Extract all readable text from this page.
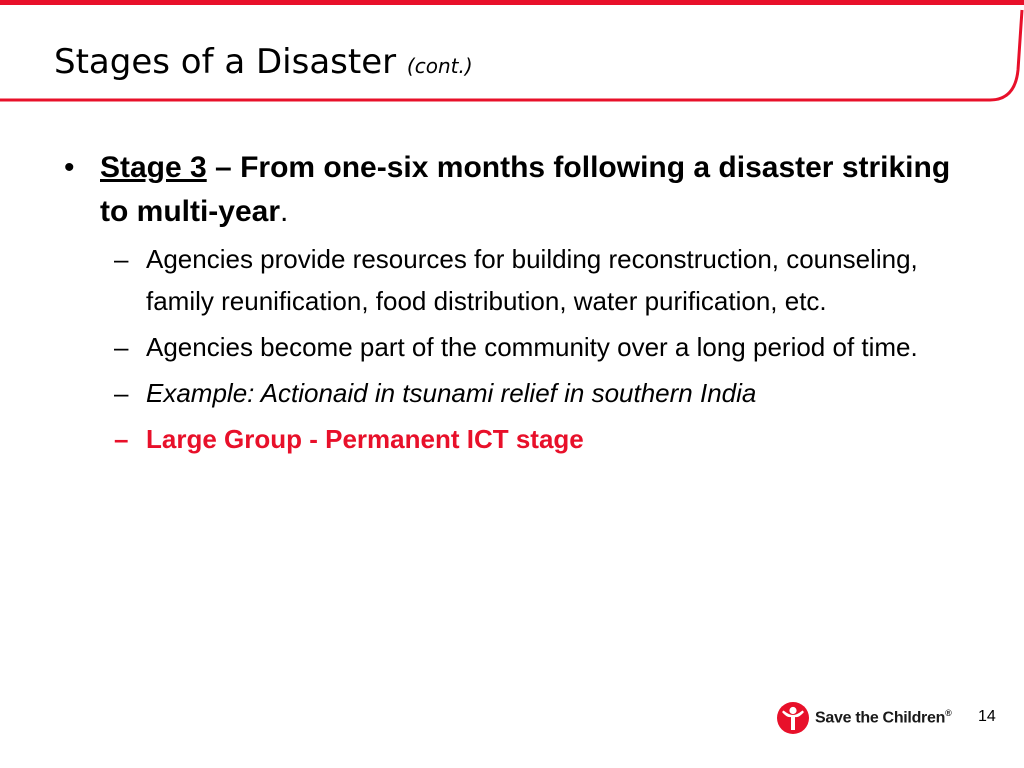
Stages of a Disaster (cont.)
• Stage 3 – From one-six months following a disaster striking to multi-year.
– Agencies provide resources for building reconstruction, counseling, family reunification, food distribution, water purification, etc.
– Agencies become part of the community over a long period of time.
– Example: Actionaid in tsunami relief in southern India
– Large Group - Permanent ICT stage
Save the Children® 14
